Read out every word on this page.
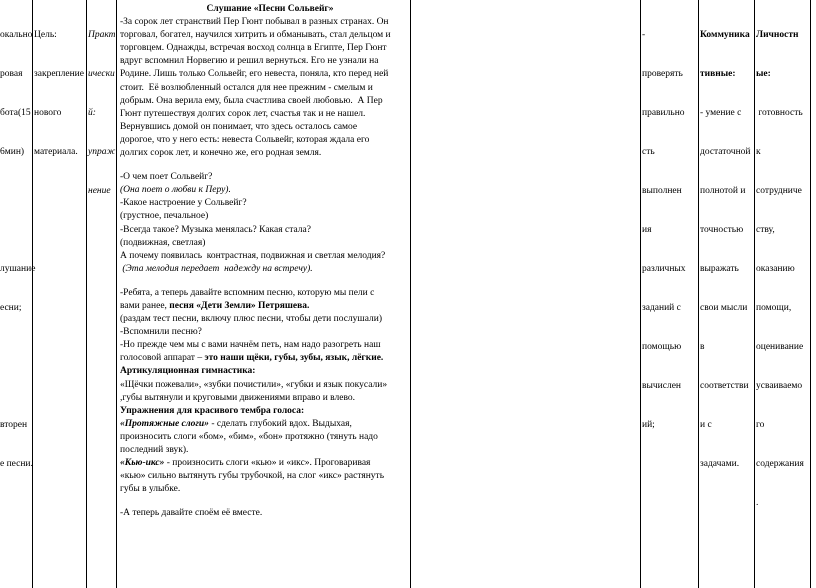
окально

ровая

бота(15

6мин)

лушание

есни;

вторен

е песни.

Цель:

закрепление

нового

материала.

Практ

ически

й:

упраж

нение

Слушание «Песни Сольвейг»
-За сорок лет странствий Пер Гюнт побывал в разных странах. Он
торговал, богател, научился хитрить и обманывать, стал дельцом и
торговцем. Однажды, встречая восход солнца в Египте, Пер Гюнт
вдруг вспомнил Норвегию и решил вернуться. Его не узнали на
Родине. Лишь только Сольвейг, его невеста, поняла, кто перед ней
стоит.  Её возлюбленный остался для нее прежним - смелым и
добрым. Она верила ему, была счастлива своей любовью.  А Пер
Гюнт путешествуя долгих сорок лет, счастья так и не нашел.
Вернувшись домой он понимает, что здесь осталось самое
дорогое, что у него есть: невеста Сольвейг, которая ждала его
долгих сорок лет, и конечно же, его родная земля.
-О чем поет Сольвейг?
(Она поет о любви к Перу).
-Какое настроение у Сольвейг?
(грустное, печальное)
-Всегда такое? Музыка менялась? Какая стала?
(подвижная, светлая)
А почему появилась  контрастная, подвижная и светлая мелодия?
(Эта мелодия передает  надежду на встречу).
-Ребята, а теперь давайте вспомним песню, которую мы пели с
вами ранее, песня «Дети Земли» Петряшева.
(раздам тест песни, включу плюс песни, чтобы дети послушали)
-Вспомнили песню?
-Но прежде чем мы с вами начнём петь, нам надо разогреть наш
голосовой аппарат – это наши щёки, губы, зубы, язык, лёгкие.
Артикуляционная гимнастика:
«Щёчки пожевали», «зубки почистили», «губки и язык покусали»
,губы вытянули и круговыми движениями вправо и влево.
Упражнения для красивого тембра голоса:
«Протяжные слоги» - сделать глубокий вдох. Выдыхая,
произносить слоги «бом», «бим», «бон» протяжно (тянуть надо
последний звук).
«Кью-икс» - произносить слоги «кью» и «икс». Проговаривая
«кью» сильно вытянуть губы трубочкой, на слог «икс» растянуть
губы в улыбке.
-А теперь давайте споём её вместе.

-

проверять

правильно

сть

выполнен

ия

различных

заданий с

помощью

вычислен

ий;

Коммуника

тивные:

- умение с

достаточной

полнотой и

точностью

выражать

свои мысли

в

соответстви

и с

задачами.

Личностн

ые:

готовность

к

сотрудниче

ству,

оказанию

помощи,

оценивание

усваиваемо

го

содержания

.
